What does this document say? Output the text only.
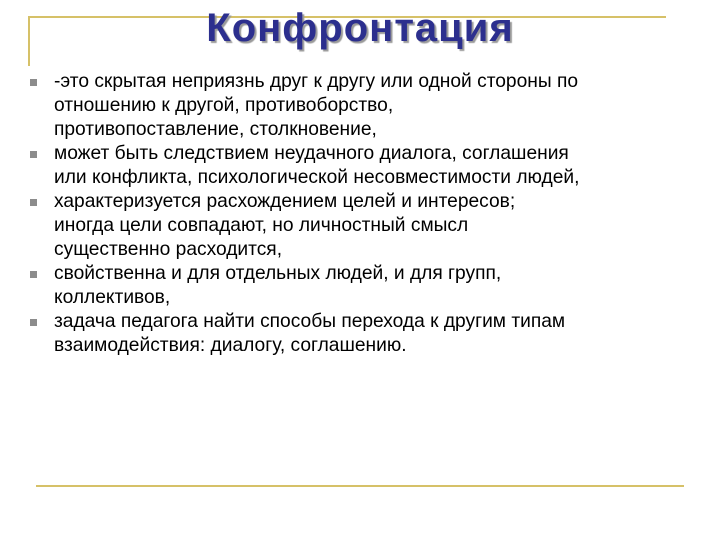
Конфронтация
-это скрытая неприязнь друг к другу или одной стороны по
отношению к другой, противоборство,
противопоставление, столкновение,
может быть следствием неудачного диалога, соглашения
или конфликта, психологической несовместимости людей,
характеризуется расхождением целей и интересов;
иногда цели совпадают, но личностный смысл
существенно расходится,
свойственна и для отдельных людей, и для групп,
коллективов,
задача педагога найти способы перехода к другим типам
взаимодействия: диалогу, соглашению.
